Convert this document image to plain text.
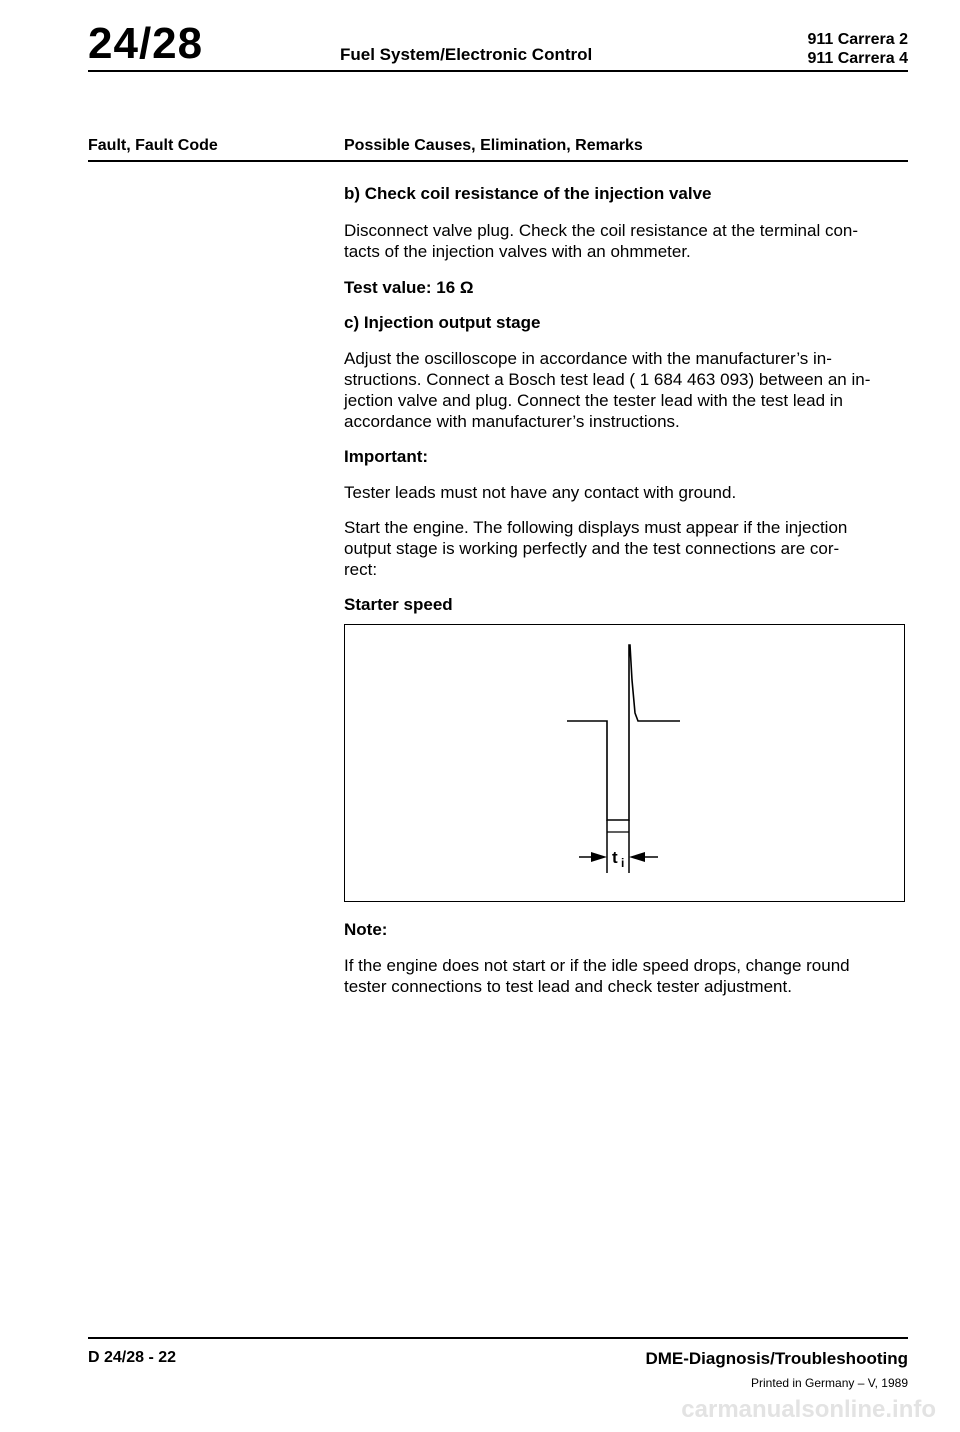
24/28	Fuel System/Electronic Control
911 Carrera 2
911 Carrera 4
Fault, Fault Code	Possible Causes, Elimination, Remarks

b) Check coil resistance of the injection valve

Disconnect valve plug. Check the coil resistance at the terminal con-

tacts of the injection valves with an ohmmeter.

Test value: 16 Ω

c) Injection output stage

Adjust the oscilloscope in accordance with the manufacturer’s in-

structions. Connect a Bosch test lead ( 1 684 463 093) between an in-

jection valve and plug. Connect the tester lead with the test lead in

accordance with manufacturer’s instructions.

Important:

Tester leads must not have any contact with ground.

Start the engine. The following displays must appear if the injection

output stage is working perfectly and the test connections are cor-

rect:

Starter speed

t i

Note:

If the engine does not start or if the idle speed drops, change round

tester connections to test lead and check tester adjustment.

D 24/28 - 22	DME-Diagnosis/Troubleshooting
Printed in Germany – V, 1989
carmanualsonline.info
